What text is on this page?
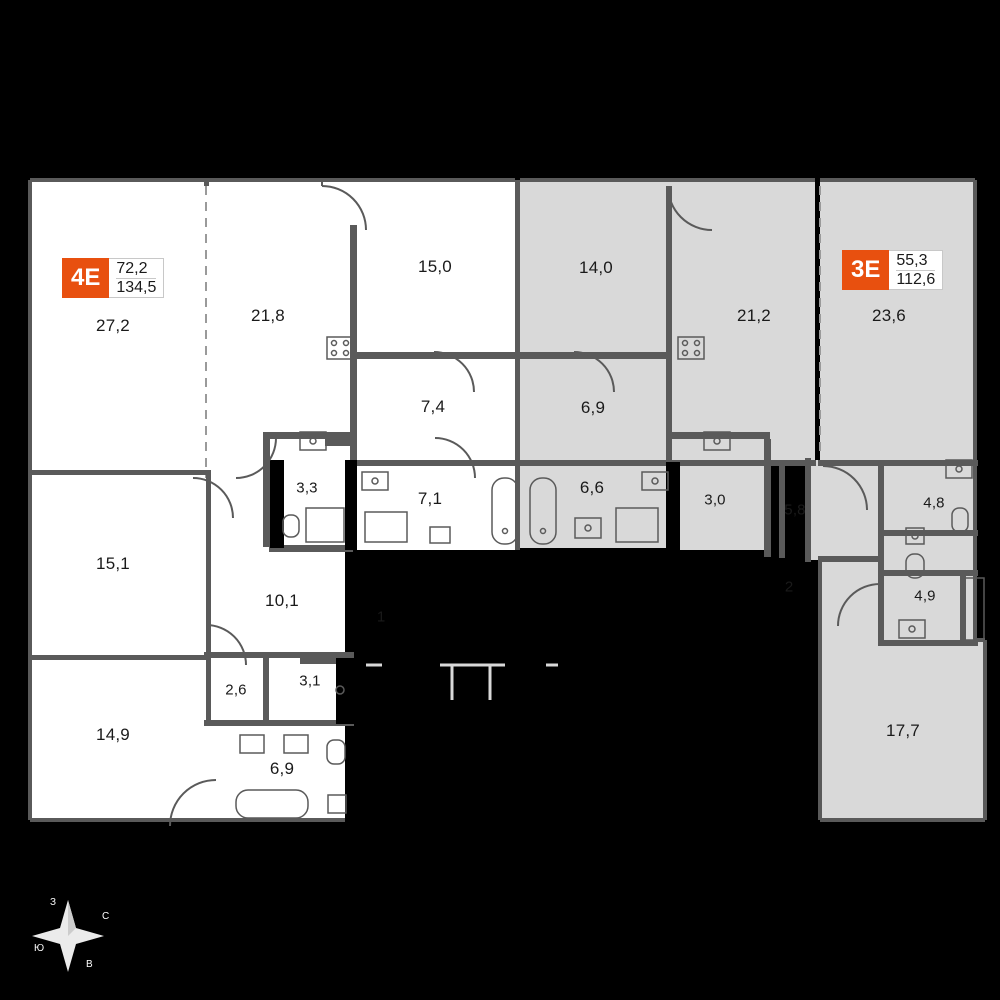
4Е	72,2
134,5
3Е	55,3
112,6
27,2
21,8
15,0	14,0
21,2	23,6
7,4	6,9
3,3
7,1
6,6
3,0
5,8	4,8
4,9
15,1
10,1
2,6
3,1
14,9
6,9
17,7
1
2
С
В
Ю
З
